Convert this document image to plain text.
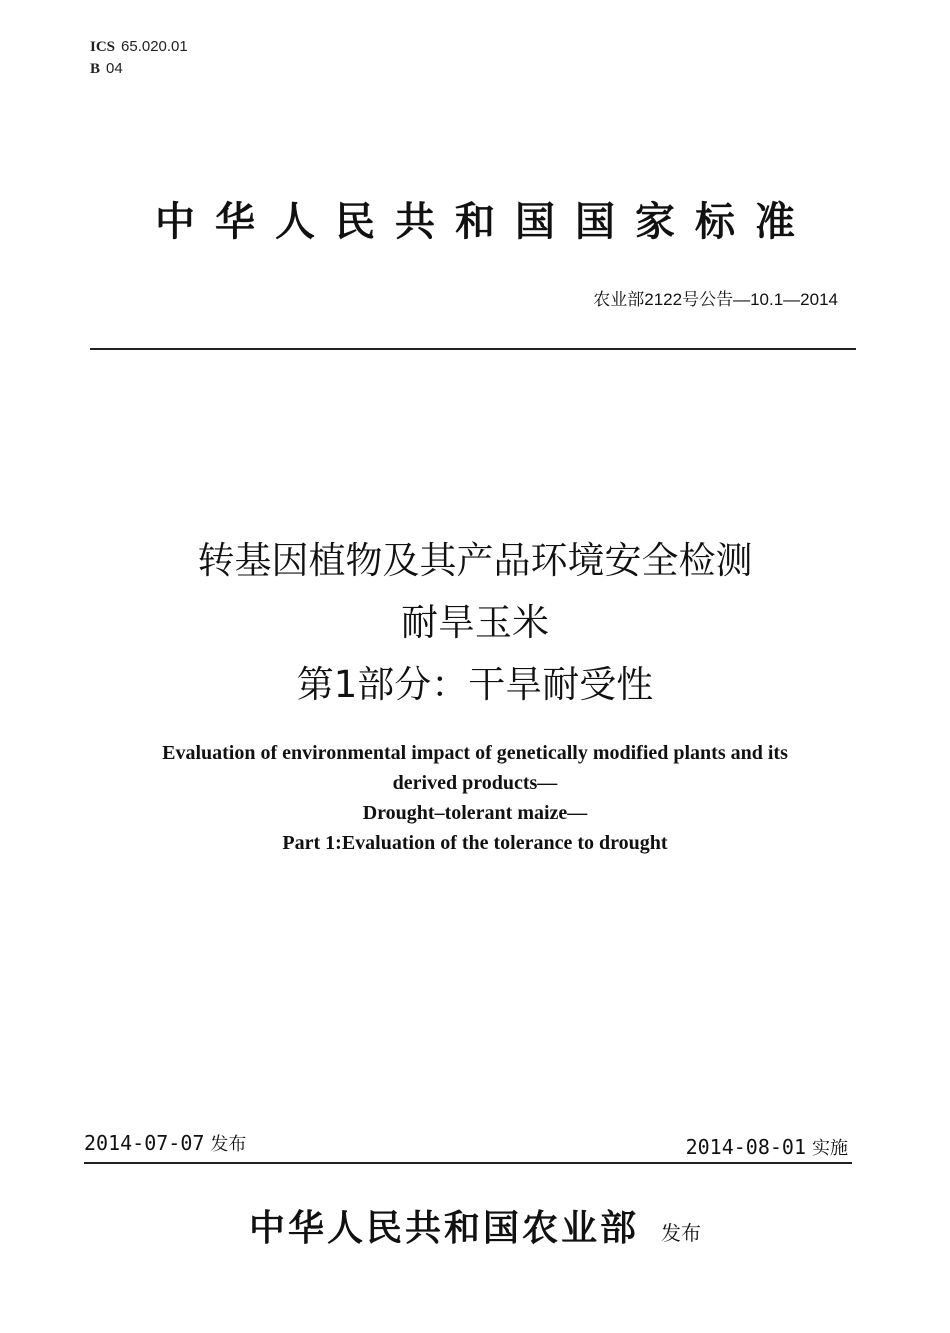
ICS 65.020.01
B 04
中华人民共和国国家标准
农业部2122号公告—10.1—2014
转基因植物及其产品环境安全检测
耐旱玉米
第1部分：干旱耐受性
Evaluation of environmental impact of genetically modified plants and its
derived products—
Drought–tolerant maize—
Part 1:Evaluation of the tolerance to drought
2014-07-07 发布	2014-08-01 实施
中华人民共和国农业部 发布
